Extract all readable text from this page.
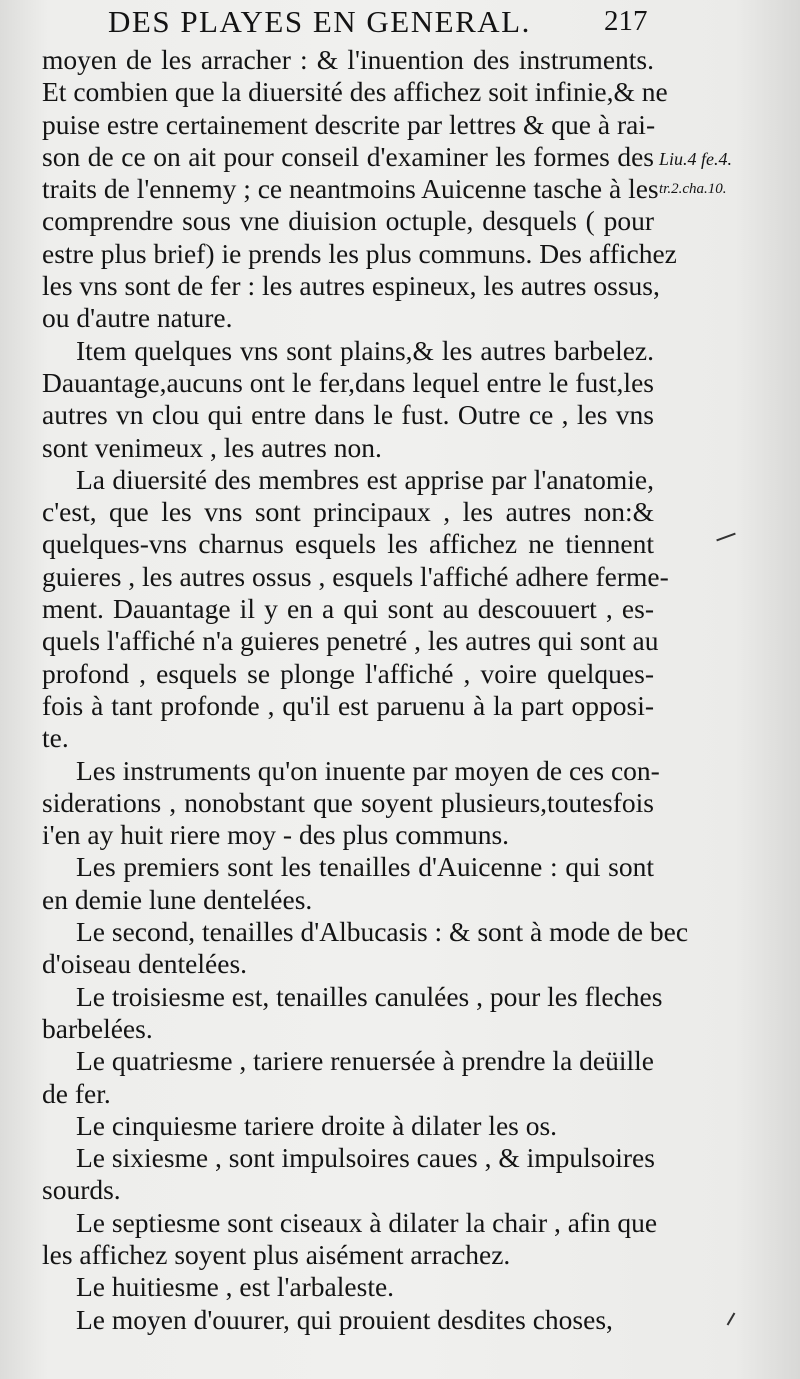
DES PLAYES EN GENERAL.	217
Liu.4 fe.4.
tr.2.cha.10.

moyen de les arracher : & l'inuention des instruments.
Et combien que la diuersité des affichez soit infinie,& ne
puise estre certainement descrite par lettres & que à rai-
son de ce on ait pour conseil d'examiner les formes des
traits de l'ennemy ; ce neantmoins Auicenne tasche à les
comprendre sous vne diuision octuple, desquels ( pour
estre plus brief) ie prends les plus communs. Des affichez
les vns sont de fer : les autres espineux, les autres ossus,
ou d'autre nature.

Item quelques vns sont plains,& les autres barbelez.
Dauantage,aucuns ont le fer,dans lequel entre le fust,les
autres vn clou qui entre dans le fust. Outre ce , les vns
sont venimeux , les autres non.

La diuersité des membres est apprise par l'anatomie,
c'est, que les vns sont principaux , les autres non:&
quelques-vns charnus esquels les affichez ne tiennent
guieres , les autres ossus , esquels l'affiché adhere ferme-
ment. Dauantage il y en a qui sont au descouuert , es-
quels l'affiché n'a guieres penetré , les autres qui sont au
profond , esquels se plonge l'affiché , voire quelques-
fois à tant profonde , qu'il est paruenu à la part opposi-
te.

Les instruments qu'on inuente par moyen de ces con-
siderations , nonobstant que soyent plusieurs,toutesfois
i'en ay huit riere moy - des plus communs.

Les premiers sont les tenailles d'Auicenne : qui sont
en demie lune dentelées.

Le second, tenailles d'Albucasis : & sont à mode de bec
d'oiseau dentelées.

Le troisiesme est, tenailles canulées , pour les fleches
barbelées.

Le quatriesme , tariere renuersée à prendre la deüille
de fer.

Le cinquiesme tariere droite à dilater les os.

Le sixiesme , sont impulsoires caues , & impulsoires
sourds.

Le septiesme sont ciseaux à dilater la chair , afin que
les affichez soyent plus aisément arrachez.

Le huitiesme , est l'arbaleste.

Le moyen d'ouurer, qui prouient desdites choses,
